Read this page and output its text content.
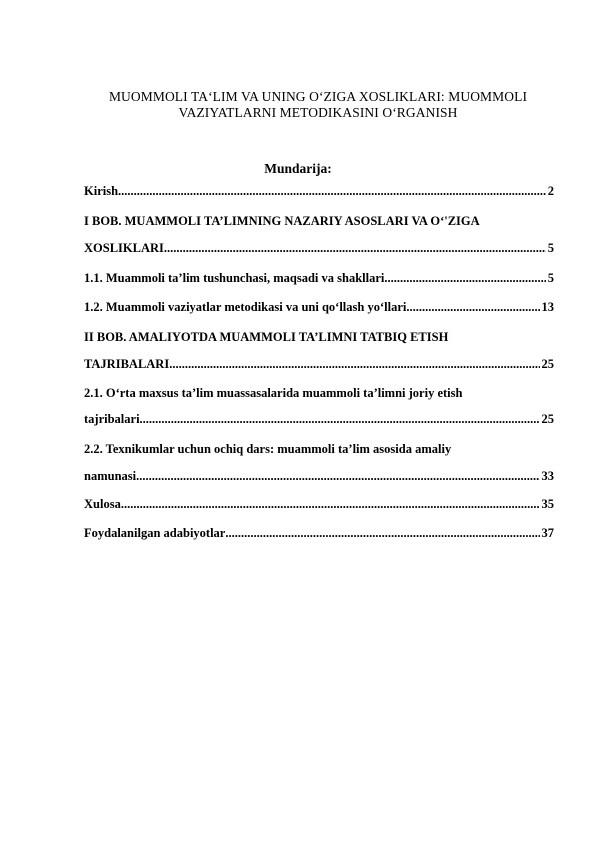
MUOMMOLI TAʻLIM VA UNING OʻZIGA XOSLIKLARI: MUOMMOLI
VAZIYATLARNI METODIKASINI OʻRGANISH
Mundarija:
Kirish .....	2
I BOB. MUAMMOLI TA’LIMNING NAZARIY ASOSLARI VA Oʻ'ZIGA
XOSLIKLARI .....	5
1.1. Muammoli ta’lim tushunchasi, maqsadi va shakllari .....	5
1.2. Muammoli vaziyatlar metodikasi va uni qoʻllash yoʻllari. .....	13
II BOB. AMALIYOTDA MUAMMOLI TA’LIMNI TATBIQ ETISH
TAJRIBALARI .....	25
2.1. Oʻrta maxsus ta’lim muassasalarida muammoli ta’limni joriy etish
tajribalari .....	25
2.2. Texnikumlar uchun ochiq dars: muammoli ta’lim asosida amaliy
namunasi .....	33
Xulosa .....	35
Foydalanilgan adabiyotlar .....	37
